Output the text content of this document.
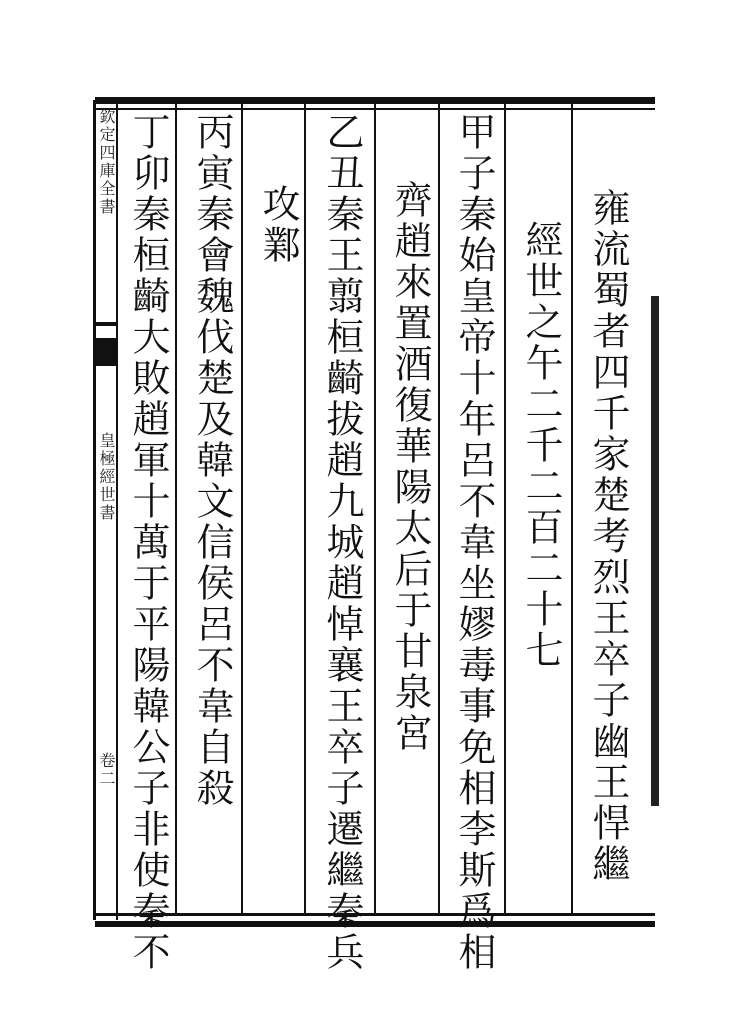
欽定四庫全書
皇極經世書
卷二	雍流蜀者四千家楚考烈王卒子幽王悍繼
經世之午二千二百二十七
甲子秦始皇帝十年呂不韋坐嫪毒事免相李斯爲相
齊趙來置酒復華陽太后于甘泉宮
乙丑秦王翦桓齮拔趙九城趙悼襄王卒子遷繼秦兵
攻鄴
丙寅秦會魏伐楚及韓文信侯呂不韋自殺
丁卯秦桓齮大敗趙軍十萬于平陽韓公子非使秦不
